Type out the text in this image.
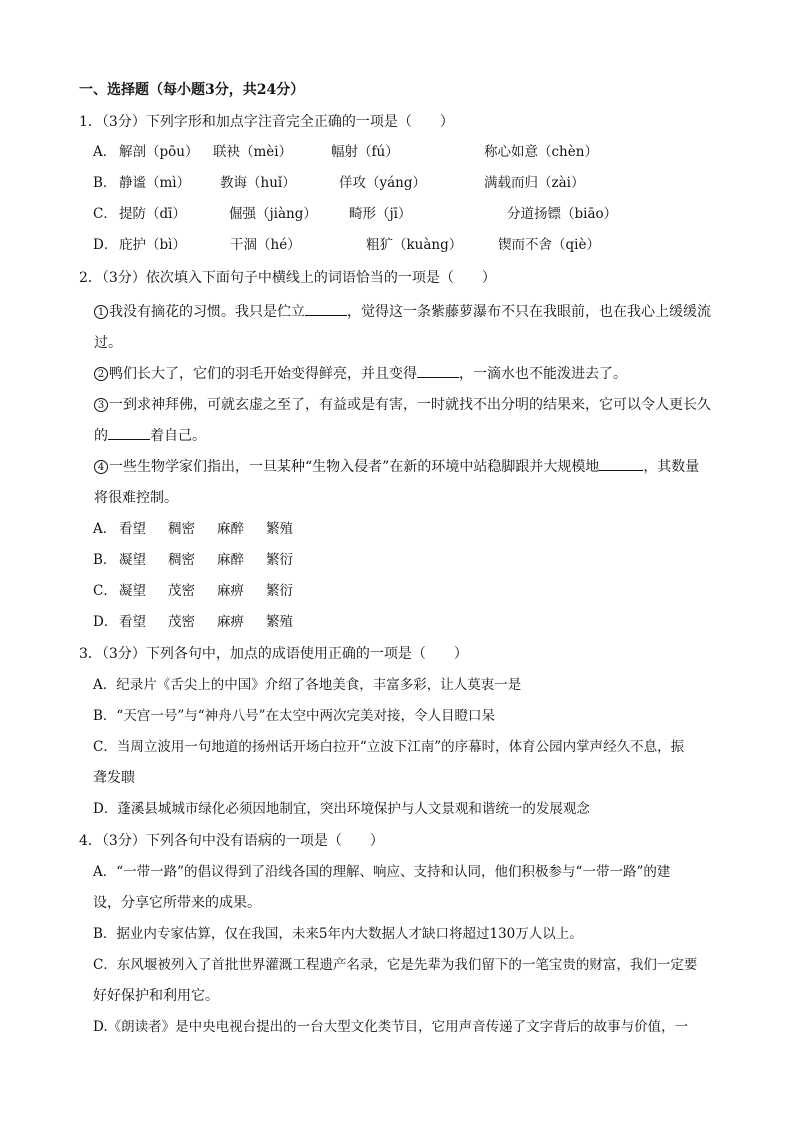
一、选择题（每小题3分，共24分）
1．（3分）下列字形和加点字注音完全正确的一项是（　　）
A． 解剖（pōu）	联袂（mèi）	幅射（fú）	称心如意（chèn）
B． 静谧（mì）	教诲（huǐ）	佯攻（yáng）	满载而归（zài）
C． 提防（dī）	倔强（jiàng）	畸形（jī）	分道扬镖（biāo）
D． 庇护（bì）	干涸（hé）	粗犷（kuàng）	锲而不舍（qiè）
2．（3分）依次填入下面句子中横线上的词语恰当的一项是（　　）
1 我没有摘花的习惯。我只是伫立	，觉得这一条紫藤萝瀑布不只在我眼前，也在我心上缓缓流
过。
2 鸭们长大了，它们的羽毛开始变得鲜亮，并且变得	，一滴水也不能泼进去了。
3 一到求神拜佛，可就玄虚之至了，有益或是有害，一时就找不出分明的结果来，它可以令人更长久
的	着自己。
4 一些生物学家们指出，一旦某种“生物入侵者”在新的环境中站稳脚跟并大规模地	，其数量
将很难控制。
A． 看望	稠密	麻醉	繁殖
B． 凝望	稠密	麻醉	繁衍
C． 凝望	茂密	麻痹	繁衍
D． 看望	茂密	麻痹	繁殖
3．（3分）下列各句中，加点的成语使用正确的一项是（　　）
A．纪录片《舌尖上的中国》介绍了各地美食，丰富多彩，让人莫衷一是
B．“天宫一号”与“神舟八号”在太空中两次完美对接，令人目瞪口呆
C．当周立波用一句地道的扬州话开场白拉开“立波下江南”的序幕时，体育公园内掌声经久不息，振
聋发聩
D．蓬溪县城城市绿化必须因地制宜，突出环境保护与人文景观和谐统一的发展观念
4．（3分）下列各句中没有语病的一项是（　　）
A．“一带一路”的倡议得到了沿线各国的理解、响应、支持和认同，他们积极参与“一带一路”的建
设，分享它所带来的成果。
B．据业内专家估算，仅在我国，未来5年内大数据人才缺口将超过130万人以上。
C．东风堰被列入了首批世界灌溉工程遗产名录，它是先辈为我们留下的一笔宝贵的财富，我们一定要
好好保护和利用它。
D.《朗读者》是中央电视台提出的一台大型文化类节目，它用声音传递了文字背后的故事与价值，一
